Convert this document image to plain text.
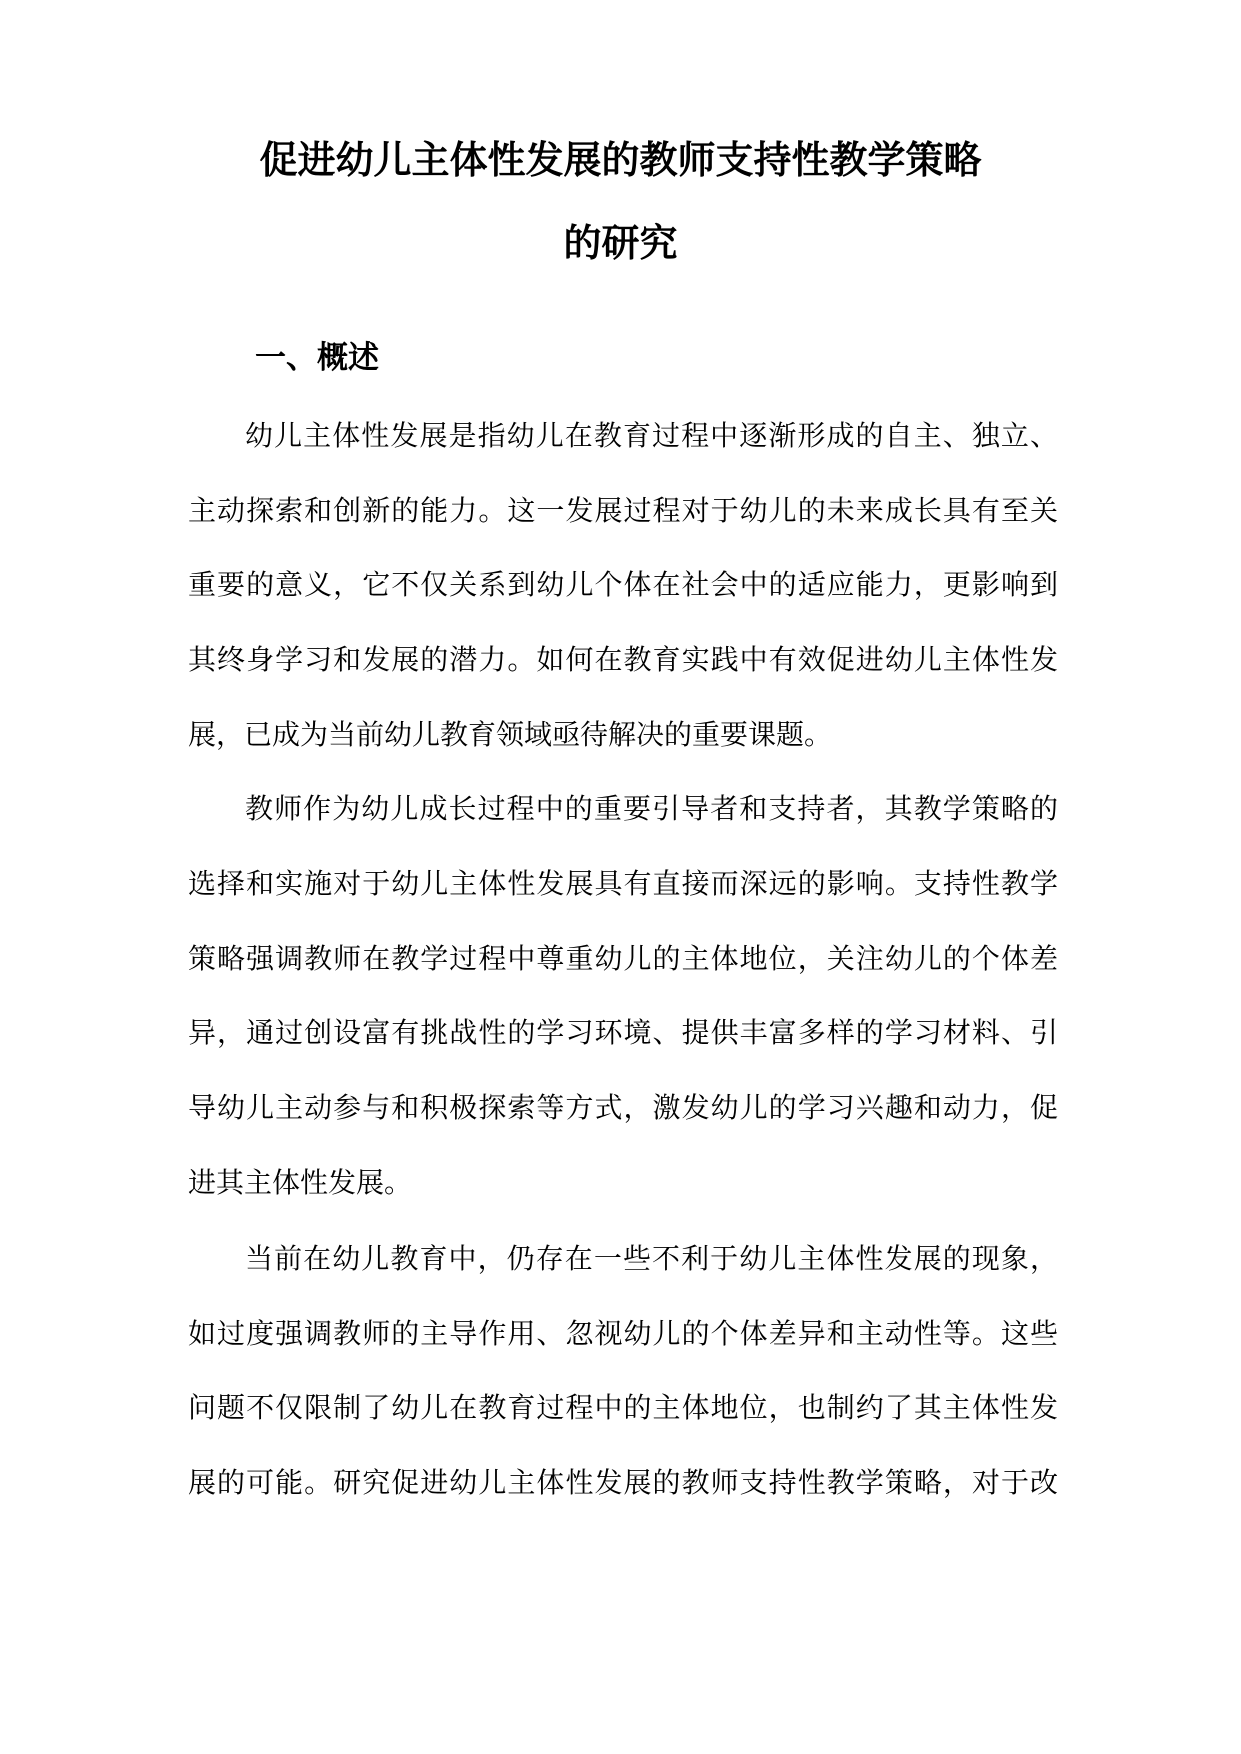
促进幼儿主体性发展的教师支持性教学策略
的研究
一、概述

幼儿主体性发展是指幼儿在教育过程中逐渐形成的自主、独立、

主动探索和创新的能力。这一发展过程对于幼儿的未来成长具有至关

重要的意义，它不仅关系到幼儿个体在社会中的适应能力，更影响到

其终身学习和发展的潜力。如何在教育实践中有效促进幼儿主体性发

展，已成为当前幼儿教育领域亟待解决的重要课题。

教师作为幼儿成长过程中的重要引导者和支持者，其教学策略的

选择和实施对于幼儿主体性发展具有直接而深远的影响。支持性教学

策略强调教师在教学过程中尊重幼儿的主体地位，关注幼儿的个体差

异，通过创设富有挑战性的学习环境、提供丰富多样的学习材料、引

导幼儿主动参与和积极探索等方式，激发幼儿的学习兴趣和动力，促

进其主体性发展。

当前在幼儿教育中，仍存在一些不利于幼儿主体性发展的现象，

如过度强调教师的主导作用、忽视幼儿的个体差异和主动性等。这些

问题不仅限制了幼儿在教育过程中的主体地位，也制约了其主体性发

展的可能。研究促进幼儿主体性发展的教师支持性教学策略，对于改
